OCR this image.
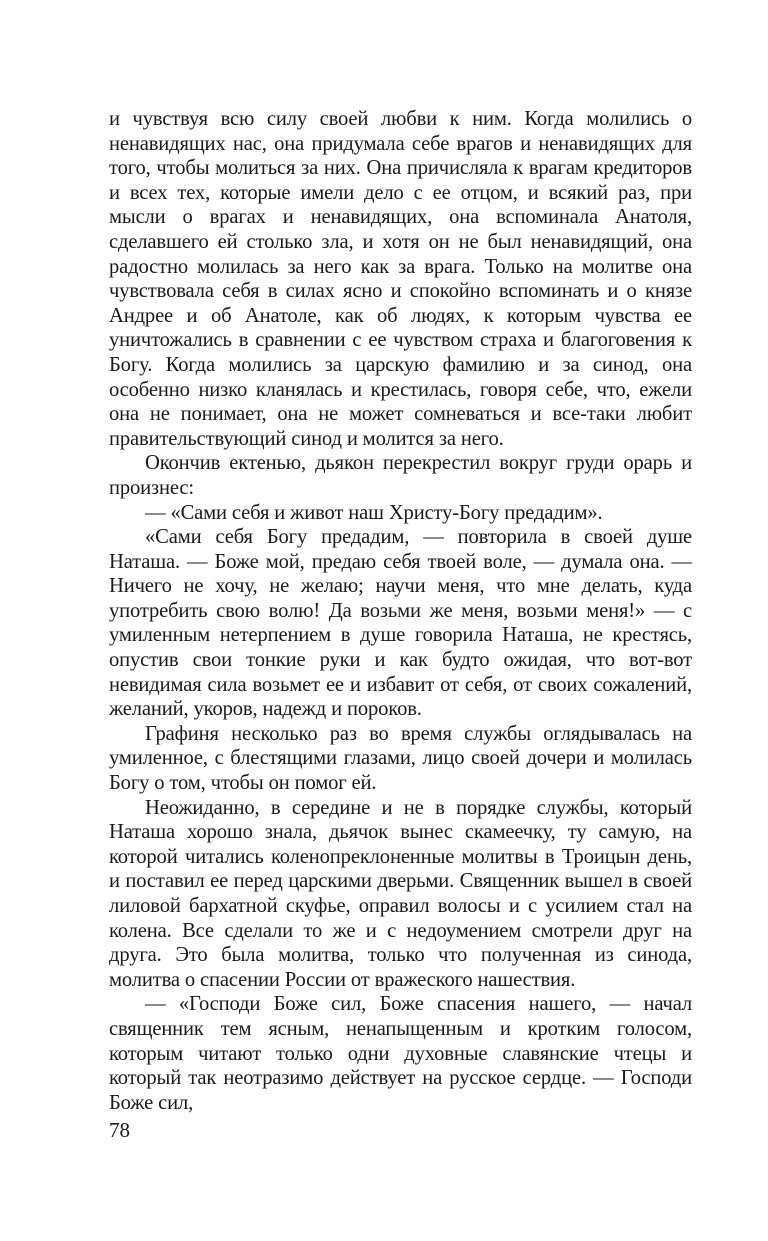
и чувствуя всю силу своей любви к ним. Когда молились о ненавидящих нас, она придумала себе врагов и ненавидящих для того, чтобы молиться за них. Она причисляла к врагам кредиторов и всех тех, которые имели дело с ее отцом, и всякий раз, при мысли о врагах и ненавидящих, она вспоминала Анатоля, сделавшего ей столько зла, и хотя он не был ненавидящий, она радостно молилась за него как за врага. Только на молитве она чувствовала себя в силах ясно и спокойно вспоминать и о князе Андрее и об Анатоле, как об людях, к которым чувства ее уничтожались в сравнении с ее чувством страха и благоговения к Богу. Когда молились за царскую фамилию и за синод, она особенно низко кланялась и крестилась, говоря себе, что, ежели она не понимает, она не может сомневаться и все-таки любит правительствующий синод и молится за него.

Окончив ектенью, дьякон перекрестил вокруг груди орарь и произнес:

— «Сами себя и живот наш Христу-Богу предадим».

«Сами себя Богу предадим, — повторила в своей душе Наташа. — Боже мой, предаю себя твоей воле, — думала она. — Ничего не хочу, не желаю; научи меня, что мне делать, куда употребить свою волю! Да возьми же меня, возьми меня!» — с умиленным нетерпением в душе говорила Наташа, не крестясь, опустив свои тонкие руки и как будто ожидая, что вот-вот невидимая сила возьмет ее и избавит от себя, от своих сожалений, желаний, укоров, надежд и пороков.

Графиня несколько раз во время службы оглядывалась на умиленное, с блестящими глазами, лицо своей дочери и молилась Богу о том, чтобы он помог ей.

Неожиданно, в середине и не в порядке службы, который Наташа хорошо знала, дьячок вынес скамеечку, ту самую, на которой читались коленопреклоненные молитвы в Троицын день, и поставил ее перед царскими дверьми. Священник вышел в своей лиловой бархатной скуфье, оправил волосы и с усилием стал на колена. Все сделали то же и с недоумением смотрели друг на друга. Это была молитва, только что полученная из синода, молитва о спасении России от вражеского нашествия.

— «Господи Боже сил, Боже спасения нашего, — начал священник тем ясным, ненапыщенным и кротким голосом, которым читают только одни духовные славянские чтецы и который так неотразимо действует на русское сердце. — Господи Боже сил,

78
